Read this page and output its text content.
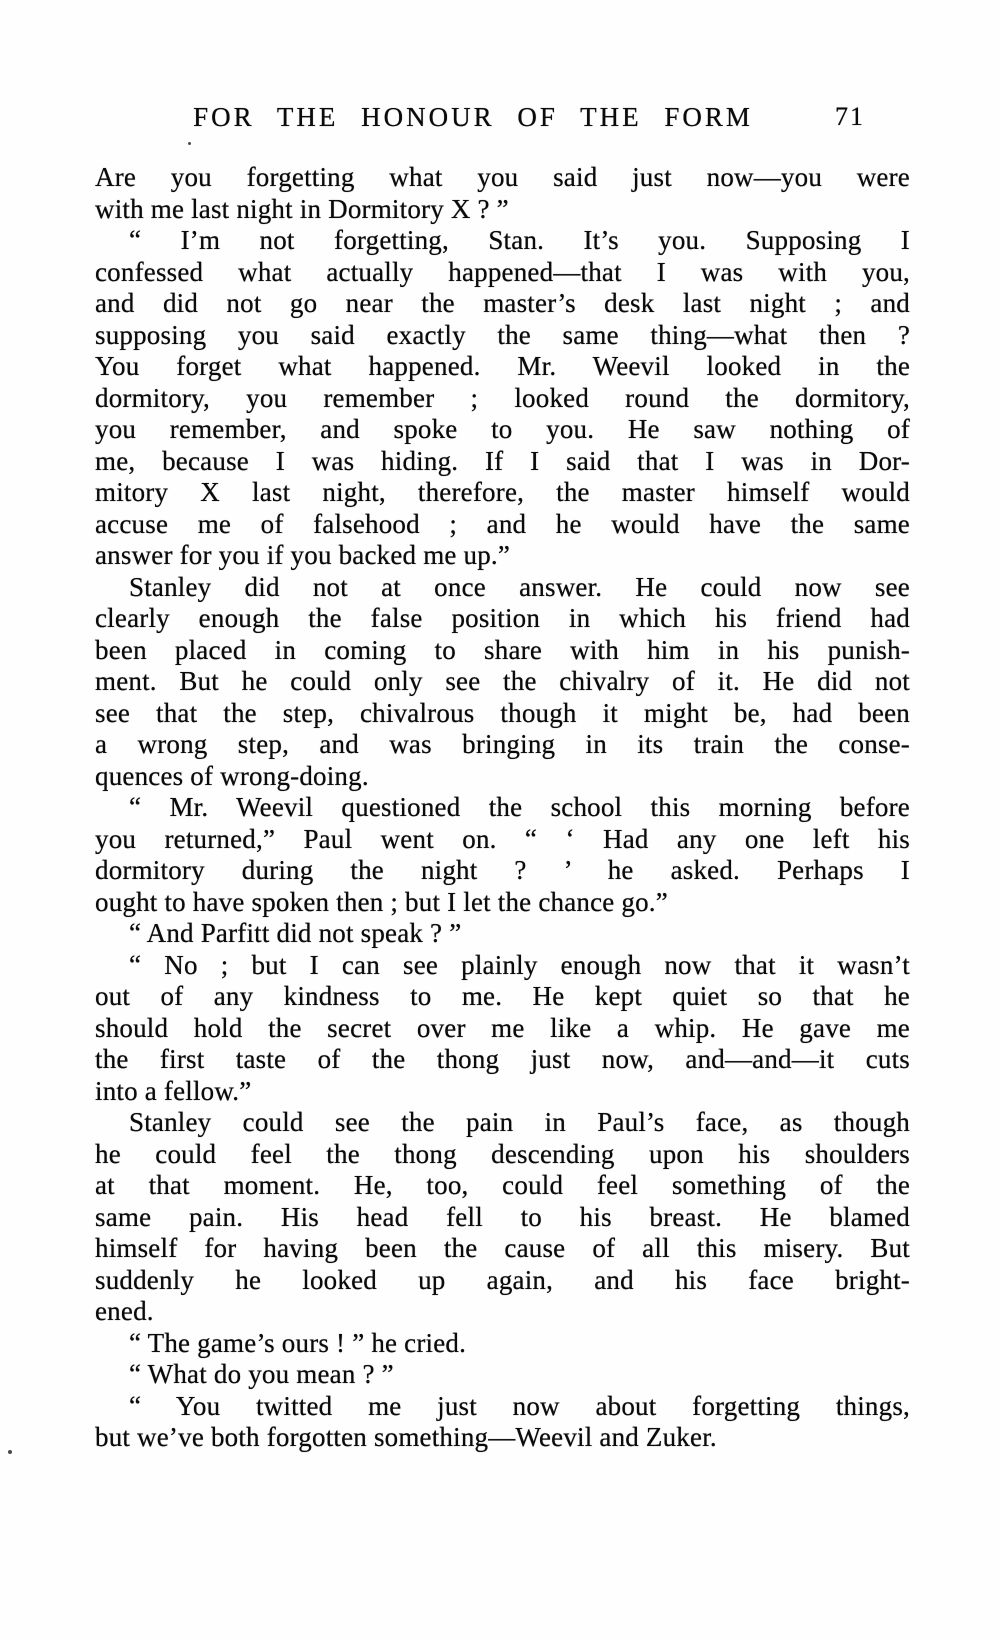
FOR THE HONOUR OF THE FORM	71
Are you forgetting what you said just now—you were
with me last night in Dormitory X ? ”
“ I’m not forgetting, Stan. It’s you. Supposing I
confessed what actually happened—that I was with you,
and did not go near the master’s desk last night ; and
supposing you said exactly the same thing—what then ?
You forget what happened. Mr. Weevil looked in the
dormitory, you remember ; looked round the dormitory,
you remember, and spoke to you. He saw nothing of
me, because I was hiding. If I said that I was in Dor-
mitory X last night, therefore, the master himself would
accuse me of falsehood ; and he would have the same
answer for you if you backed me up.”
Stanley did not at once answer. He could now see
clearly enough the false position in which his friend had
been placed in coming to share with him in his punish-
ment. But he could only see the chivalry of it. He did not
see that the step, chivalrous though it might be, had been
a wrong step, and was bringing in its train the conse-
quences of wrong-doing.
“ Mr. Weevil questioned the school this morning before
you returned,” Paul went on. “ ‘ Had any one left his
dormitory during the night ? ’ he asked. Perhaps I
ought to have spoken then ; but I let the chance go.”
“ And Parfitt did not speak ? ”
“ No ; but I can see plainly enough now that it wasn’t
out of any kindness to me. He kept quiet so that he
should hold the secret over me like a whip. He gave me
the first taste of the thong just now, and—and—it cuts
into a fellow.”
Stanley could see the pain in Paul’s face, as though
he could feel the thong descending upon his shoulders
at that moment. He, too, could feel something of the
same pain. His head fell to his breast. He blamed
himself for having been the cause of all this misery. But
suddenly he looked up again, and his face bright-
ened.
“ The game’s ours ! ” he cried.
“ What do you mean ? ”
“ You twitted me just now about forgetting things,
but we’ve both forgotten something—Weevil and Zuker.
